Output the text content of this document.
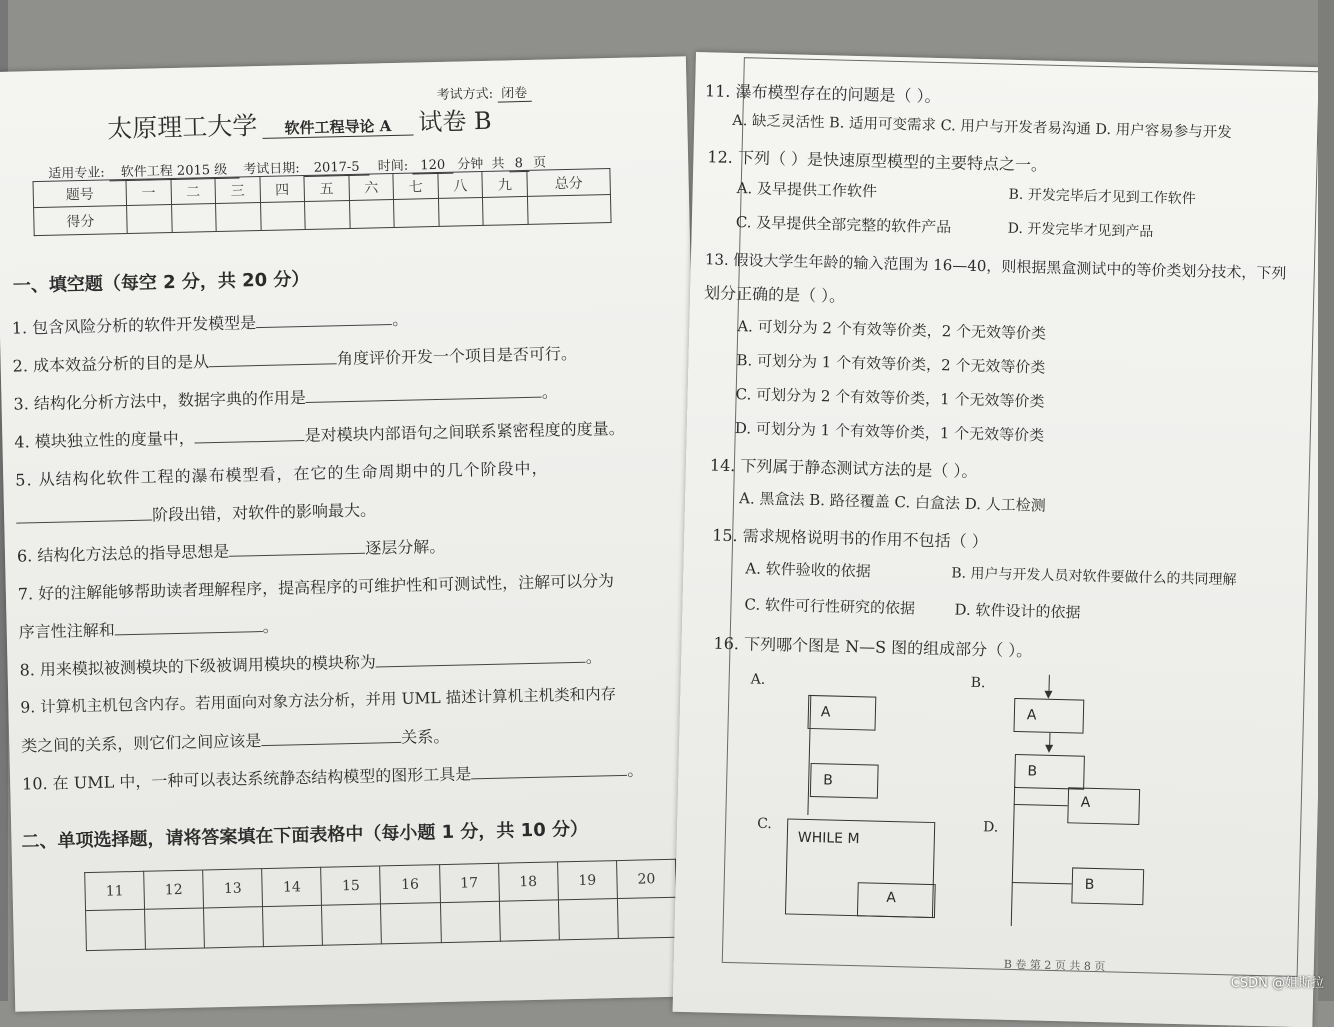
考试方式: 闭卷
太原理工大学 软件工程导论 A 试卷 B
适用专业: 软件工程 2015 级 考试日期: 2017-5 时间: 120 分钟 共 8 页
题号	一	二	三	四	五	六	七	八	九	总分
得分										
一、填空题（每空 2 分，共 20 分）
1. 包含风险分析的软件开发模型是	。
2. 成本效益分析的目的是从	角度评价开发一个项目是否可行。
3. 结构化分析方法中，数据字典的作用是	。
4. 模块独立性的度量中，	是对模块内部语句之间联系紧密程度的度量。
5. 从结构化软件工程的瀑布模型看，在它的生命周期中的几个阶段中，
阶段出错，对软件的影响最大。
6. 结构化方法总的指导思想是	逐层分解。
7. 好的注解能够帮助读者理解程序，提高程序的可维护性和可测试性，注解可以分为
序言性注解和	。
8. 用来模拟被测模块的下级被调用模块的模块称为	。
9. 计算机主机包含内存。若用面向对象方法分析，并用 UML 描述计算机主机类和内存
类之间的关系，则它们之间应该是	关系。
10. 在 UML 中，一种可以表达系统静态结构模型的图形工具是	。
二、单项选择题，请将答案填在下面表格中（每小题 1 分，共 10 分）
11	12	13	14	15	16	17	18	19	20

11. 瀑布模型存在的问题是（ ）。
A. 缺乏灵活性 B. 适用可变需求 C. 用户与开发者易沟通 D. 用户容易参与开发
12. 下列（ ）是快速原型模型的主要特点之一。
A. 及早提供工作软件	B. 开发完毕后才见到工作软件
C. 及早提供全部完整的软件产品	D. 开发完毕才见到产品
13. 假设大学生年龄的输入范围为 16—40，则根据黑盒测试中的等价类划分技术，下列
划分正确的是（ ）。
A. 可划分为 2 个有效等价类，2 个无效等价类
B. 可划分为 1 个有效等价类，2 个无效等价类
C. 可划分为 2 个有效等价类，1 个无效等价类
D. 可划分为 1 个有效等价类，1 个无效等价类
14. 下列属于静态测试方法的是（ ）。
A. 黑盒法 B. 路径覆盖 C. 白盒法 D. 人工检测
15. 需求规格说明书的作用不包括（ ）
A. 软件验收的依据	B. 用户与开发人员对软件要做什么的共同理解
C. 软件可行性研究的依据	D. 软件设计的依据
16. 下列哪个图是 N—S 图的组成部分（ ）。
A.
A
B
B.
A
B
C.
WHILE M
A
D.
A
B
B 卷 第 2 页 共 8 页
CSDN @姐斯拉
